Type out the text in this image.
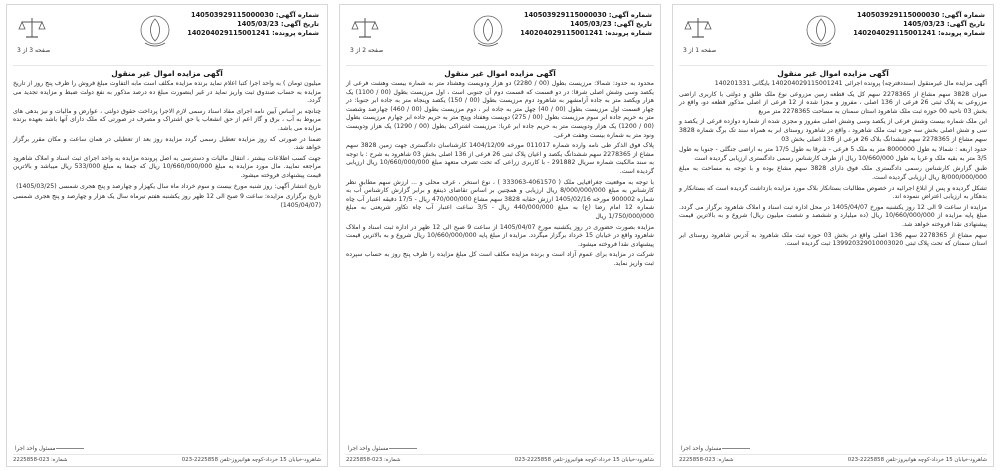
شماره آگهی: 140503929115000030
تاریخ آگهی: 1405/03/23
شماره پرونده: 140204029115001241
صفحه 1 از 3
آگهی مزایده اموال غیر منقول

آگهی مزایده مال غیرمنقول (سنددفترچه) پرونده اجرائی 140204029115001241 بایگانی 140201331

میزان 3828 سهم مشاع از 2278365 سهم کل یک قطعه زمین مزروعی نوع ملک طلق و دولتی با کاربری اراضی مزروعی به پلاک ثبتی 26 فرعی از 136 اصلی ، مفروز و مجزا شده از 12 فرعی از اصلی مذکور قطعه دو، واقع در بخش 03 ناحیه 00 حوزه ثبت ملک شاهرود استان سمنان به مساحت 2278365 متر مربع

این ملک شماره بیست وشش فرعی از یکصد وسی وشش اصلی مفروز و مجزی شده از شماره دوازده فرعی از یکصد و سی و شش اصلی بخش سه حوزه ثبت ملک شاهرود ، واقع در شاهرود روستای ابر به همراه سند تک برگ شماره 3828 سهم مشاع از 2278365 سهم ششدانگ بلاک 26 فرعی از 136 اصلی بخش 03

حدود اربعه : شمالا به طول 8000000 متر به ملک 5 فرعی - شرقا به طول 17/5 متر به اراضی جنگلی - جنوبا به طول 3/5 متر به بقیه ملک و غربا به طول 10/660/000 ریال از طرف کارشناس رسمی دادگستری ارزیابی گردیده است

طبق گزارش کارشناس رسمی دادگستری ملک فوق دارای 3828 سهم مشاع بوده و با توجه به مساحت به مبلغ 8/000/000/000 ریال ارزیابی گردیده است.

تشکل گردیده و پس از ابلاغ اجرائیه در خصوص مطالبات بستانکار بلاک مورد مزایده بازداشت گردیده است که بستانکار و بدهکار به ارزیابی اعتراض ننموده اند.

مزایده از ساعت 9 الی 12 روز یکشنبه مورخ 1405/04/07 در محل اداره ثبت اسناد و املاک شاهرود برگزار می گردد. مبلغ پایه مزایده از 10/660/000/000 ریال (ده میلیارد و ششصد و شصت میلیون ریال) شروع و به بالاترین قیمت پیشنهادی نقدا فروخته خواهد شد.

سهم مشاع از 2278365 سهم 136 اصلی واقع در بخش 03 حوزه ثبت ملک شاهرود به آدرس شاهرود روستای ابر استان سمنان که تحت پلاک ثبتی 139920329010003020 ثبت گردیده است.

مسئول واحد اجرا
شاهرود-خیابان 15 خرداد-کوچه هوانیروز-تلفن 2225858-023
شماره: 023-2225858
شماره آگهی: 140503929115000030
تاریخ آگهی: 1405/03/23
شماره پرونده: 140204029115001241
صفحه 2 از 3
آگهی مزایده اموال غیر منقول

محدود به حدود: شمالا: مرزیست بطول (00 / 2280) دو هزار ودویست وهشتاد متر به شماره بیست وهشت فرعی از یکصد وسی وشش اصلی شرقا: در دو قسمت که قسمت دوم آن جنوبی است ، اول مرزیست بطول (00 / 1100) یک هزار ویکصد متر به جاده آرامشهر به شاهرود دوم مرزیست بطول (00 / 150) یکصد وپنجاه متر به جاده ابر جنوبا: در چهار قسمت اول مرزیست بطول (00 / 40) چهل متر به جاده ابر ، دوم مرزیست بطول (00 / 460) چهارصد وشصت متر به حریم جاده ابر سوم مرزیست بطول (00 / 275) دویست وهفتاد وپنج متر به حریم جاده ابر چهارم مرزیست بطول (00 / 1200) یک هزار ودویست متر به حریم جاده ابر غربا: مرزیست اشتراکی بطول (00 / 1290) یک هزار ودویست ونود متر به شماره بیست وهفت فرعی.

پلاک فوق الذکر طی نامه وارده شماره 011017 مورخه 1404/12/09 کارشناسان دادگستری جهت زمین 3828 سهم مشاع از 2278365 سهم ششدانگ یکصد و اعیان پلاک ثبتی 26 فرعی از 136 اصلی بخش 03 شاهرود به شرح : با توجه به سند مالکیت شماره سریال 291882 - با کاربری زراعی که تحت تصرف متعهد مبلغ 10/660/000/000 ریال ارزیابی گردیده است.

با توجه به موقعیت جغرافیایی ملک ( 4061570-333063 ) ، نوع استخر ، عرف محلی و ... ارزش سهم مطابق نظر کارشناس به مبلغ 8/000/000/000 ریال ارزیابی و همچنین بر اساس تقاضای ذینفع و برابر گزارش کارشناس آب به شماره 900002 مورخه 1405/02/16 ارزش حقابه 3828 سهم مشاع 470/000/000 ریال - 17/5 دقیقه اعتبار آب چاه شماره 12 امام رضا (ع) به مبلغ 440/000/000 ریال - 3/5 ساعت اعتبار آب چاه تکاور شریعتی به مبلغ 1/750/000/000 ریال

مزایده بصورت حضوری در روز یکشنبه مورخ 1405/04/07 از ساعت 9 صبح الی 12 ظهر در اداره ثبت اسناد و املاک شاهرود واقع در خیابان 15 خرداد برگزار میگردد. مزایده از مبلغ پایه 10/660/000/000 ریال شروع و به بالاترین قیمت پیشنهادی نقدا فروخته میشود.

شرکت در مزایده برای عموم آزاد است و برنده مزایده مکلف است کل مبلغ مزایده را ظرف پنج روز به حساب سپرده ثبت واریز نماید.

مسئول واحد اجرا
شاهرود-خیابان 15 خرداد-کوچه هوانیروز-تلفن 2225858-023
شماره: 023-2225858
شماره آگهی: 140503929115000030
تاریخ آگهی: 1405/03/23
شماره پرونده: 140204029115001241
صفحه 3 از 3
آگهی مزایده اموال غیر منقول

میلیون تومان ) به واحد اجرا کتبا اعلام نماید برنده مزایده مکلف است مابه التفاوت مبلغ فروش را ظرف پنج روز از تاریخ مزایده به حساب صندوق ثبت واریز نماید در غیر اینصورت مبلغ ده درصد مذکور به نفع دولت ضبط و مزایده تجدید می گردد.

چنانچه بر اساس آیین نامه اجرای مفاد اسناد رسمی لازم الاجرا پرداخت حقوق دولتی ، عوارض و مالیات و نیز بدهی های مربوط به آب ، برق و گاز اعم از حق انشعاب یا حق اشتراک و مصرف در صورتی که ملک دارای آنها باشد بعهده برنده مزایده می باشد.

ضمنا در صورتی که روز مزایده تعطیل رسمی گردد مزایده روز بعد از تعطیلی در همان ساعت و مکان مقرر برگزار خواهد شد.

جهت کسب اطلاعات بیشتر ، انتقال مالیات و دسترسی به اصل پرونده مزایده به واحد اجرای ثبت اسناد و املاک شاهرود مراجعه نمایید. مال مورد مزایده به مبلغ 10/660/000/000 ریال که جمعا به مبلغ 533/000 ریال میباشد و بالاترین قیمت پیشنهادی فروخته میشود.

تاریخ انتشار آگهی: روز شنبه مورخ بیست و سوم خرداد ماه سال یکهزار و چهارصد و پنج هجری شمسی (1405/03/25)

تاریخ برگزاری مزایده: ساعت 9 صبح الی 12 ظهر روز یکشنبه هفتم تیرماه سال یک هزار و چهارصد و پنج هجری شمسی (1405/04/07)

مسئول واحد اجرا
شاهرود-خیابان 15 خرداد-کوچه هوانیروز-تلفن 2225858-023
شماره: 023-2225858
